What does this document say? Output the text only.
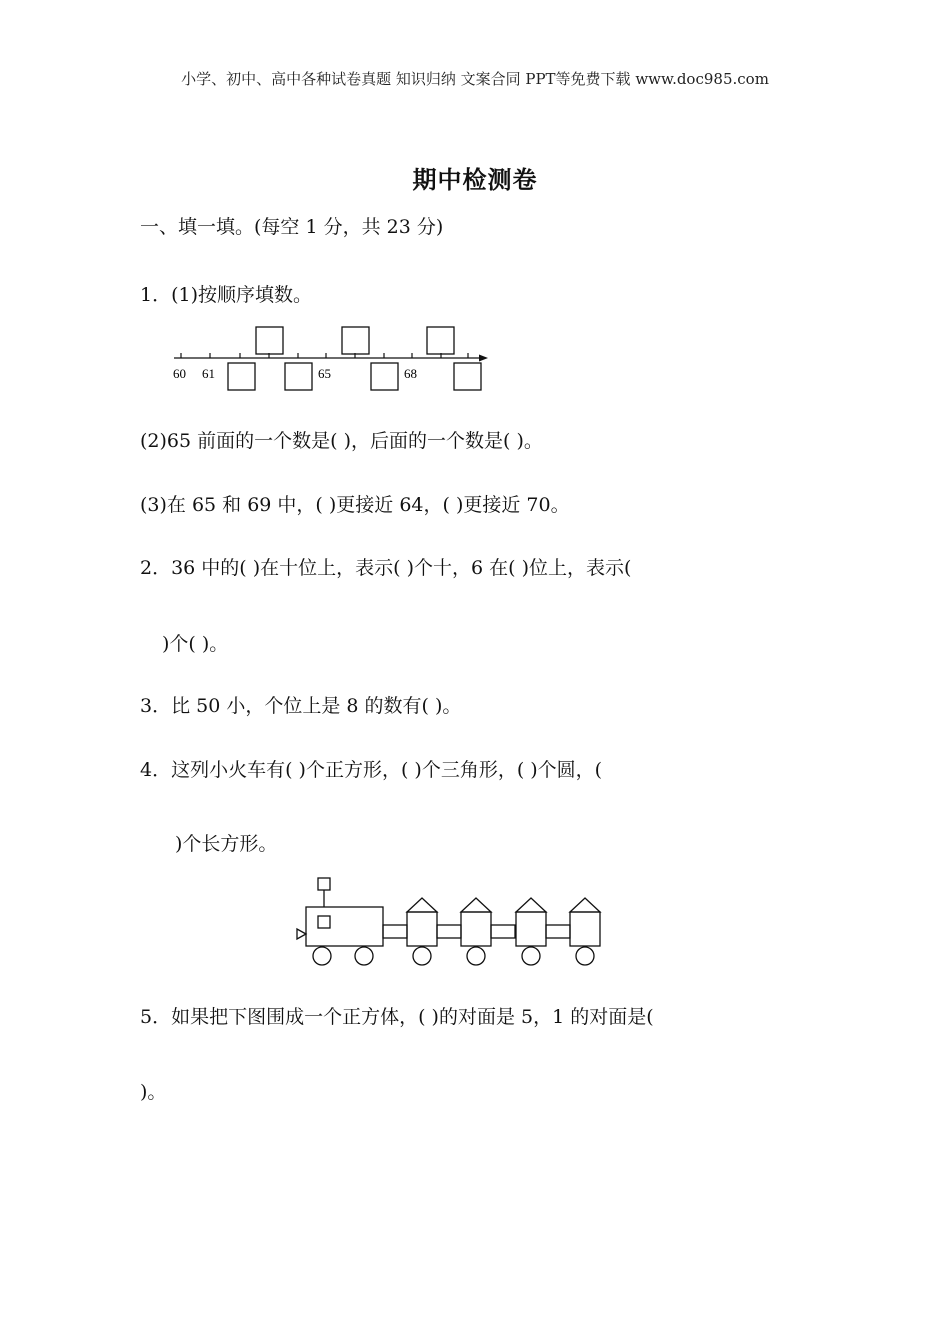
小学、初中、高中各种试卷真题 知识归纳 文案合同 PPT等免费下载 www.doc985.com
期中检测卷
一、填一填。(每空 1 分，共 23 分)
1．(1)按顺序填数。
60 61	65	68
(2)65 前面的一个数是( )，后面的一个数是( )。
(3)在 65 和 69 中，( )更接近 64，( )更接近 70。
2．36 中的( )在十位上，表示( )个十，6 在( )位上，表示(
)个( )。
3．比 50 小，个位上是 8 的数有( )。
4．这列小火车有( )个正方形，( )个三角形，( )个圆，(
)个长方形。
5．如果把下图围成一个正方体，( )的对面是 5，1 的对面是(
)。
